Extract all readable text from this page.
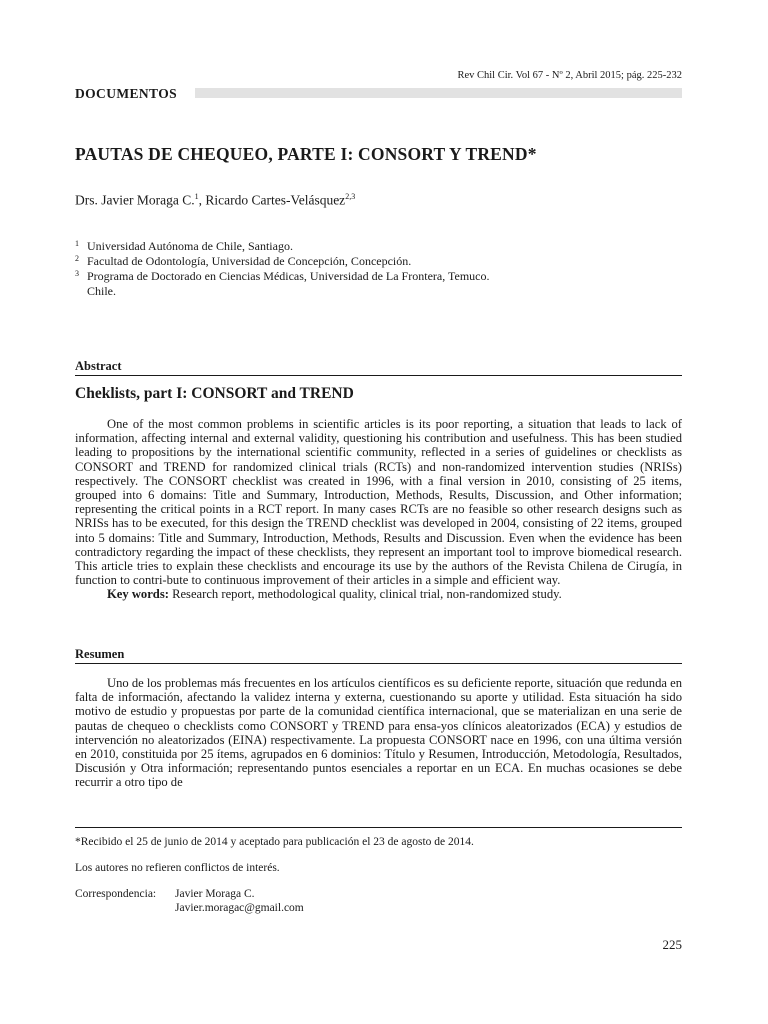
Rev Chil Cir. Vol 67 - Nº 2, Abril 2015; pág. 225-232
DOCUMENTOS
PAUTAS DE CHEQUEO, PARTE I: CONSORT Y TREND*
Drs. Javier Moraga C.$^1$, Ricardo Cartes-Velásquez$^{2,3}$
1 Universidad Autónoma de Chile, Santiago.
2 Facultad de Odontología, Universidad de Concepción, Concepción.
3 Programa de Doctorado en Ciencias Médicas, Universidad de La Frontera, Temuco.
Chile.
Abstract
Cheklists, part I: CONSORT and TREND

One of the most common problems in scientific articles is its poor reporting, a situation that leads to lack of information, affecting internal and external validity, questioning his contribution and usefulness. This has been studied leading to propositions by the international scientific community, reflected in a series of guidelines or checklists as CONSORT and TREND for randomized clinical trials (RCTs) and non-randomized intervention studies (NRISs) respectively. The CONSORT checklist was created in 1996, with a final version in 2010, consisting of 25 items, grouped into 6 domains: Title and Summary, Introduction, Methods, Results, Discussion, and Other information; representing the critical points in a RCT report. In many cases RCTs are no feasible so other research designs such as NRISs has to be executed, for this design the TREND checklist was developed in 2004, consisting of 22 items, grouped into 5 domains: Title and Summary, Introduction, Methods, Results and Discussion. Even when the evidence has been contradictory regarding the impact of these checklists, they represent an important tool to improve biomedical research. This article tries to explain these checklists and encourage its use by the authors of the Revista Chilena de Cirugía, in function to contri-bute to continuous improvement of their articles in a simple and efficient way.

Key words: Research report, methodological quality, clinical trial, non-randomized study.

Resumen

Uno de los problemas más frecuentes en los artículos científicos es su deficiente reporte, situación que redunda en falta de información, afectando la validez interna y externa, cuestionando su aporte y utilidad. Esta situación ha sido motivo de estudio y propuestas por parte de la comunidad científica internacional, que se materializan en una serie de pautas de chequeo o checklists como CONSORT y TREND para ensa-yos clínicos aleatorizados (ECA) y estudios de intervención no aleatorizados (EINA) respectivamente. La propuesta CONSORT nace en 1996, con una última versión en 2010, constituida por 25 ítems, agrupados en 6 dominios: Título y Resumen, Introducción, Metodología, Resultados, Discusión y Otra información; representando puntos esenciales a reportar en un ECA. En muchas ocasiones se debe recurrir a otro tipo de

*Recibido el 25 de junio de 2014 y aceptado para publicación el 23 de agosto de 2014.
Los autores no refieren conflictos de interés.
Correspondencia: Javier Moraga C.
Javier.moragac@gmail.com
225
